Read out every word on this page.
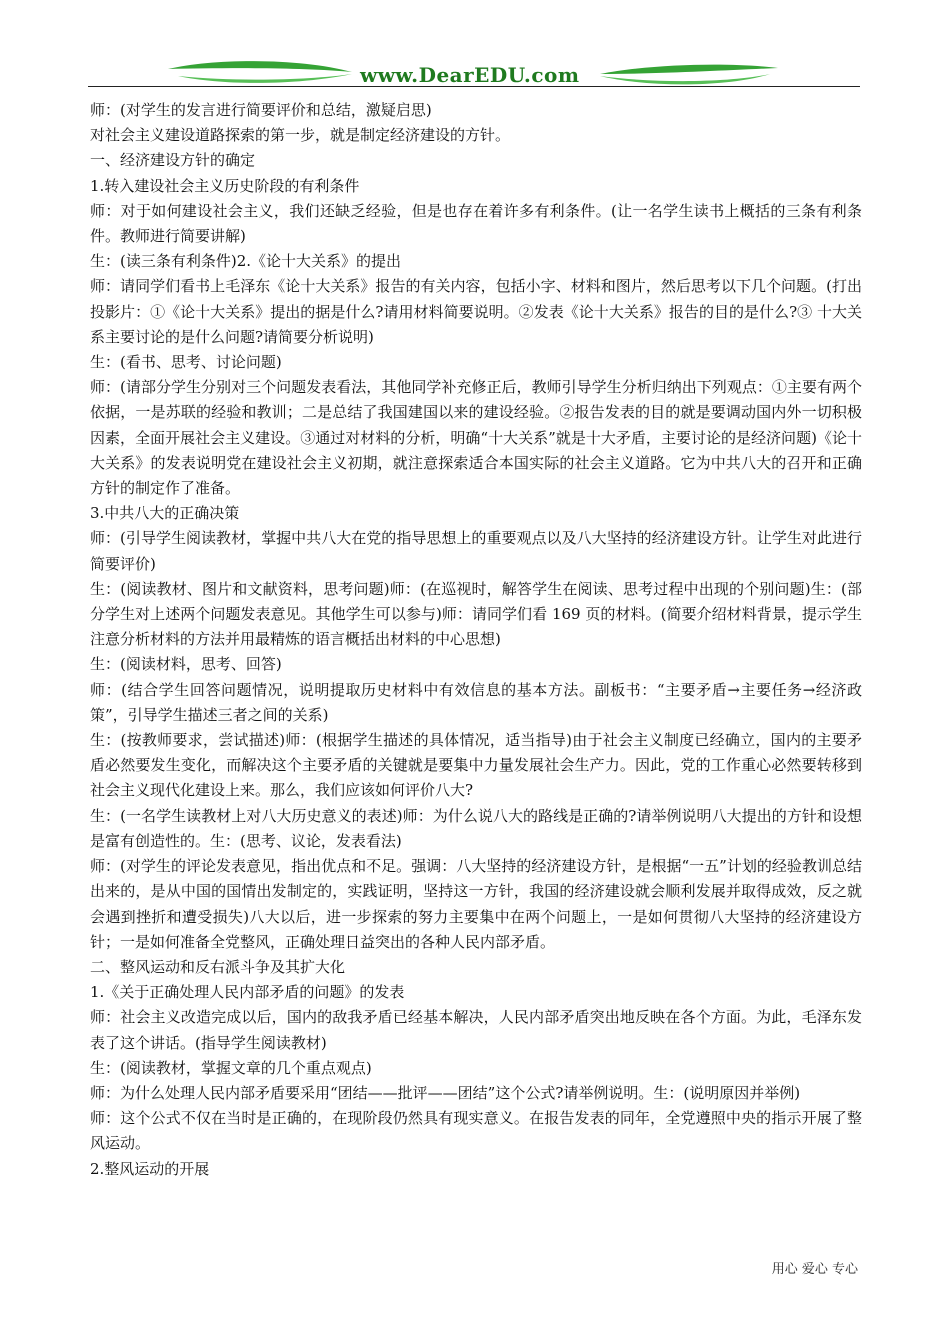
www.DearEDU.com

师：(对学生的发言进行简要评价和总结，激疑启思)

对社会主义建设道路探索的第一步，就是制定经济建设的方针。

一、经济建设方针的确定

1.转入建设社会主义历史阶段的有利条件

师：对于如何建设社会主义，我们还缺乏经验，但是也存在着许多有利条件。(让一名学生读书上概括的三条有利条件。教师进行简要讲解)

生：(读三条有利条件)2.《论十大关系》的提出

师：请同学们看书上毛泽东《论十大关系》报告的有关内容，包括小字、材料和图片，然后思考以下几个问题。(打出投影片：①《论十大关系》提出的据是什么?请用材料简要说明。②发表《论十大关系》报告的目的是什么?③ 十大关系主要讨论的是什么问题?请简要分析说明)

生：(看书、思考、讨论问题)

师：(请部分学生分别对三个问题发表看法，其他同学补充修正后，教师引导学生分析归纳出下列观点：①主要有两个依据，一是苏联的经验和教训；二是总结了我国建国以来的建设经验。②报告发表的目的就是要调动国内外一切积极因素，全面开展社会主义建设。③通过对材料的分析，明确“十大关系”就是十大矛盾，主要讨论的是经济问题)《论十大关系》的发表说明党在建设社会主义初期，就注意探索适合本国实际的社会主义道路。它为中共八大的召开和正确方针的制定作了准备。

3.中共八大的正确决策

师：(引导学生阅读教材，掌握中共八大在党的指导思想上的重要观点以及八大坚持的经济建设方针。让学生对此进行简要评价)

生：(阅读教材、图片和文献资料，思考问题)师：(在巡视时，解答学生在阅读、思考过程中出现的个别问题)生：(部分学生对上述两个问题发表意见。其他学生可以参与)师：请同学们看 169 页的材料。(简要介绍材料背景，提示学生注意分析材料的方法并用最精炼的语言概括出材料的中心思想)

生：(阅读材料，思考、回答)

师：(结合学生回答问题情况，说明提取历史材料中有效信息的基本方法。副板书：“主要矛盾→主要任务→经济政策”，引导学生描述三者之间的关系)

生：(按教师要求，尝试描述)师：(根据学生描述的具体情况，适当指导)由于社会主义制度已经确立，国内的主要矛盾必然要发生变化，而解决这个主要矛盾的关键就是要集中力量发展社会生产力。因此，党的工作重心必然要转移到社会主义现代化建设上来。那么，我们应该如何评价八大?

生：(一名学生读教材上对八大历史意义的表述)师：为什么说八大的路线是正确的?请举例说明八大提出的方针和设想是富有创造性的。生：(思考、议论，发表看法)

师：(对学生的评论发表意见，指出优点和不足。强调：八大坚持的经济建设方针，是根据“一五”计划的经验教训总结出来的，是从中国的国情出发制定的，实践证明，坚持这一方针，我国的经济建设就会顺利发展并取得成效，反之就会遇到挫折和遭受损失)八大以后，进一步探索的努力主要集中在两个问题上，一是如何贯彻八大坚持的经济建设方针；一是如何准备全党整风，正确处理日益突出的各种人民内部矛盾。

二、整风运动和反右派斗争及其扩大化

1.《关于正确处理人民内部矛盾的问题》的发表

师：社会主义改造完成以后，国内的敌我矛盾已经基本解决，人民内部矛盾突出地反映在各个方面。为此，毛泽东发表了这个讲话。(指导学生阅读教材)

生：(阅读教材，掌握文章的几个重点观点)

师：为什么处理人民内部矛盾要采用“团结——批评——团结”这个公式?请举例说明。生：(说明原因并举例)

师：这个公式不仅在当时是正确的，在现阶段仍然具有现实意义。在报告发表的同年，全党遵照中央的指示开展了整风运动。

2.整风运动的开展

用心 爱心 专心
